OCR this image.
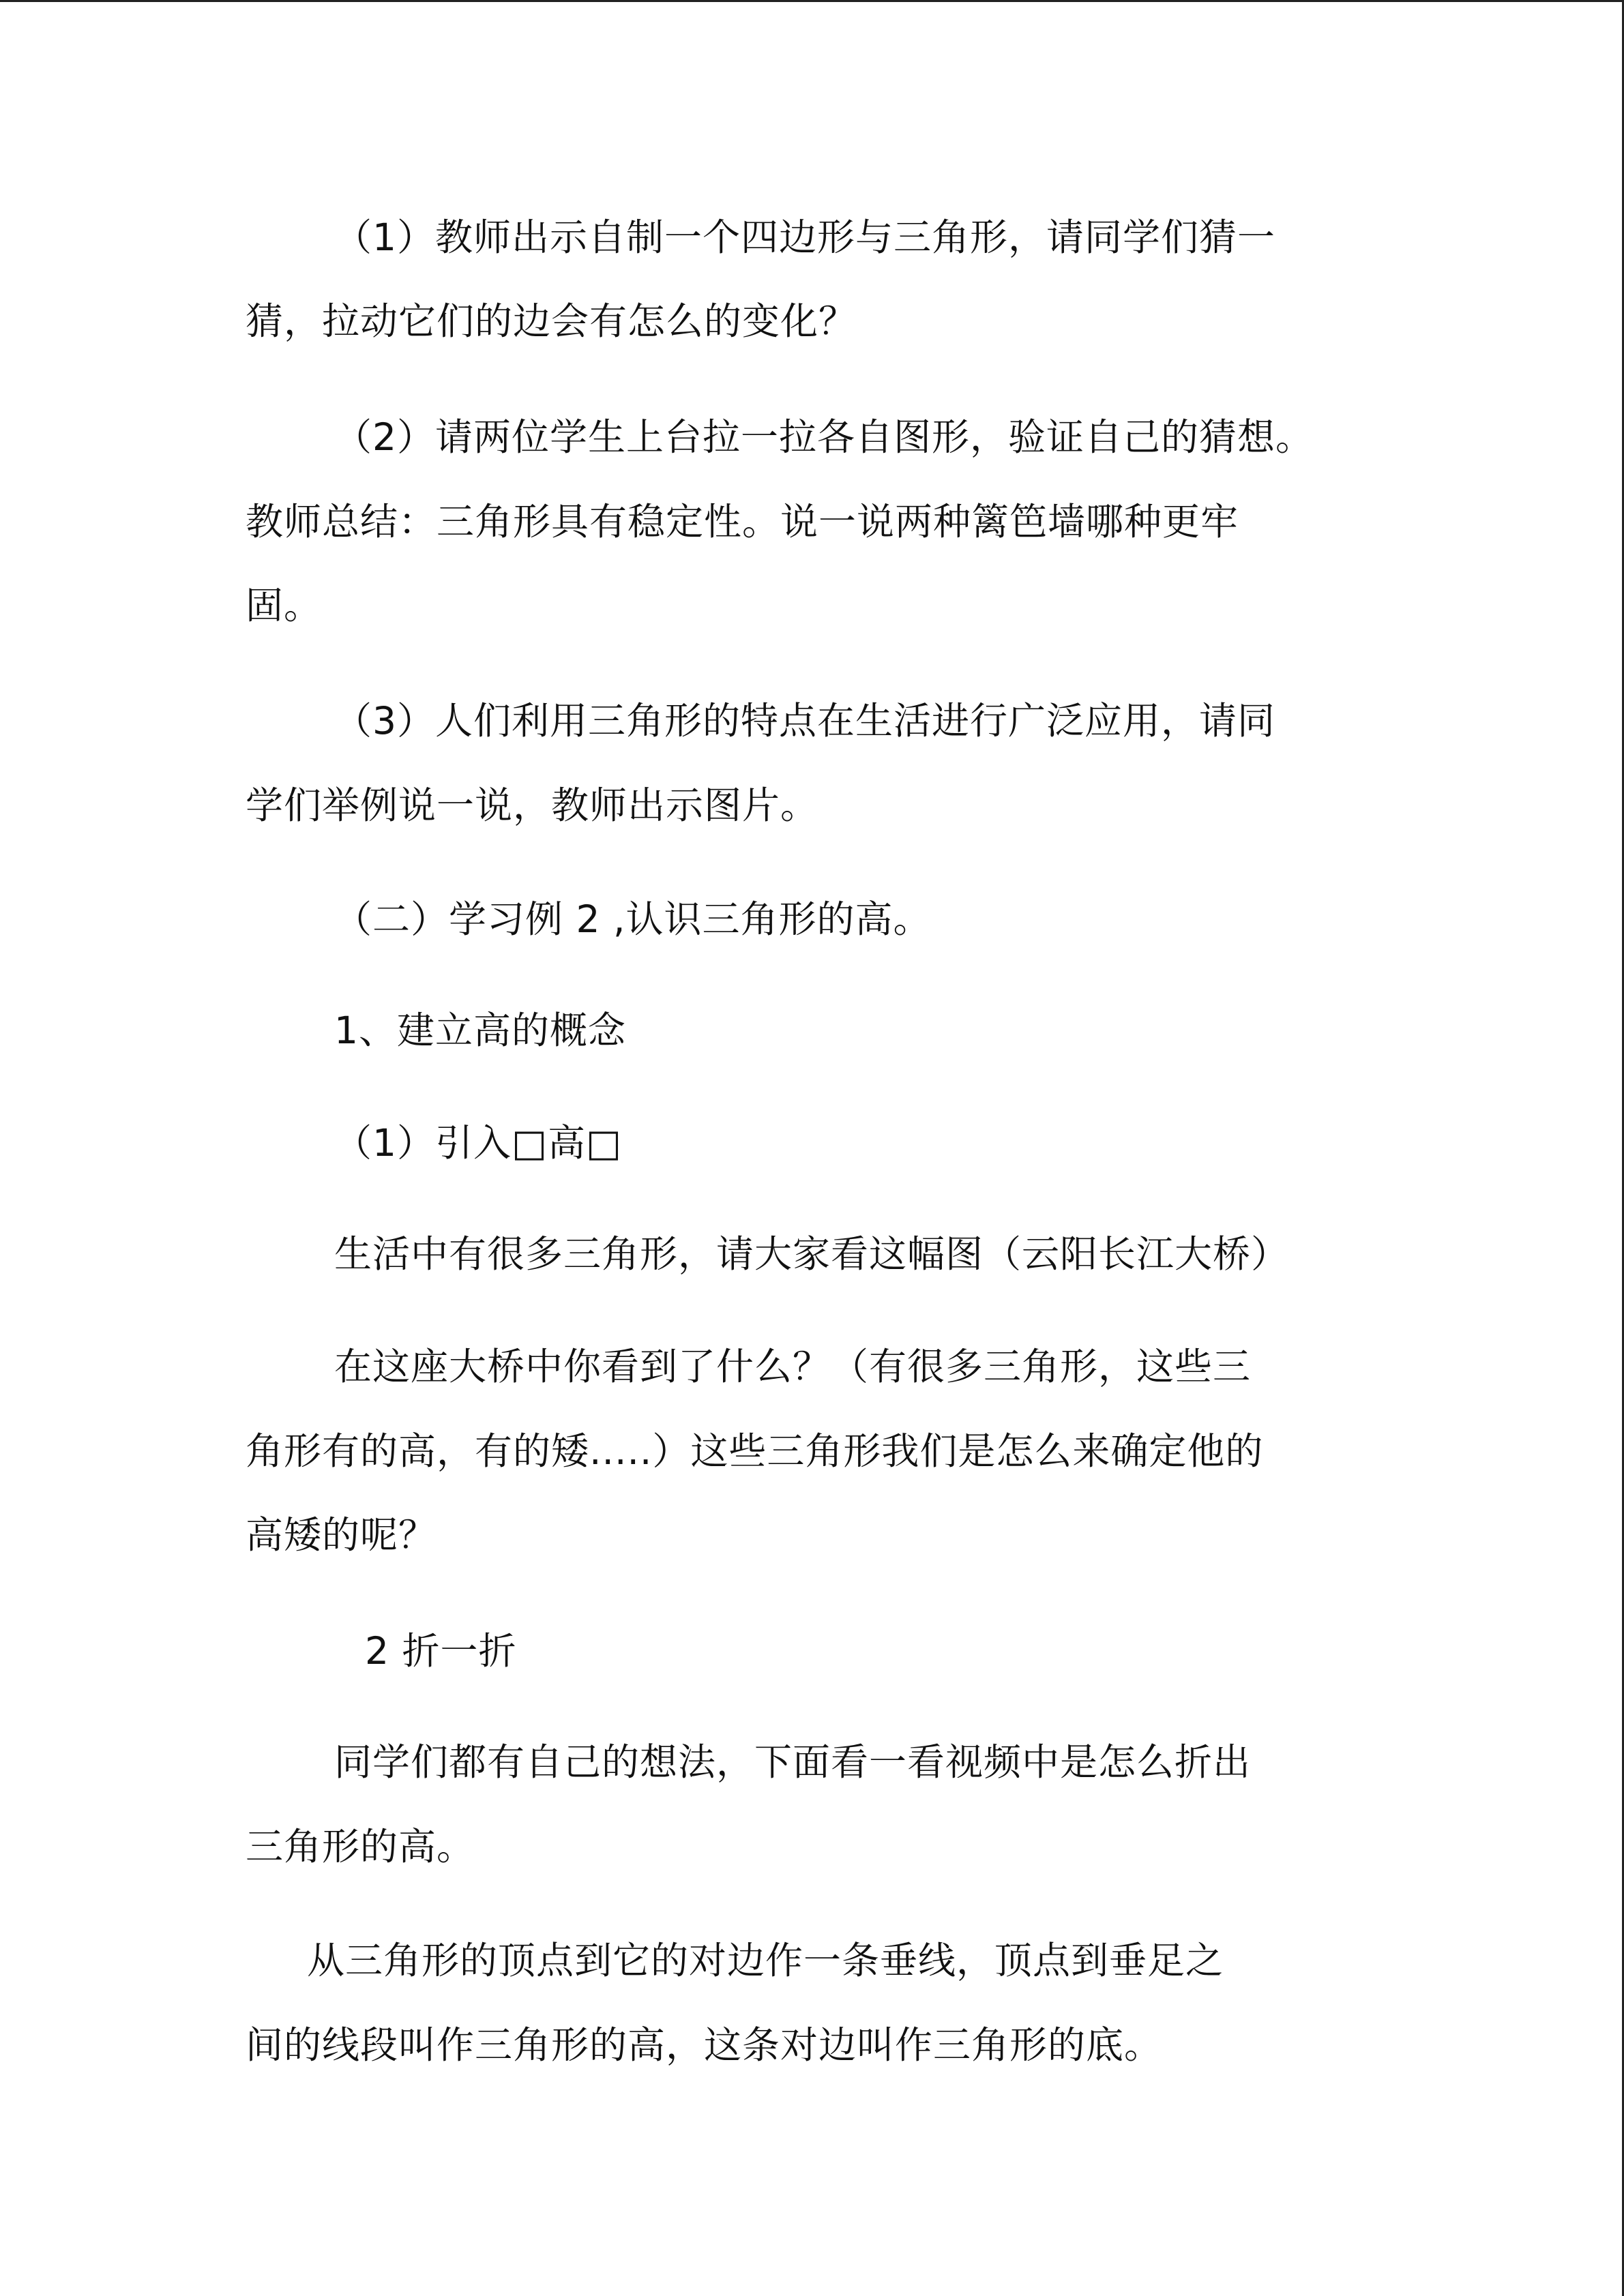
（1）教师出示自制一个四边形与三角形，请同学们猜一
猜，拉动它们的边会有怎么的变化？
（2）请两位学生上台拉一拉各自图形，验证自己的猜想。
教师总结：三角形具有稳定性。说一说两种篱笆墙哪种更牢
固。
（3）人们利用三角形的特点在生活进行广泛应用，请同
学们举例说一说，教师出示图片。
（二）学习例 2 ,认识三角形的高。
1、建立高的概念
（1）引入□高□
生活中有很多三角形，请大家看这幅图（云阳长江大桥）
在这座大桥中你看到了什么？（有很多三角形，这些三
角形有的高，有的矮.....）这些三角形我们是怎么来确定他的
高矮的呢？
2 折一折
同学们都有自己的想法，下面看一看视频中是怎么折出
三角形的高。
从三角形的顶点到它的对边作一条垂线，顶点到垂足之
间的线段叫作三角形的高，这条对边叫作三角形的底。
